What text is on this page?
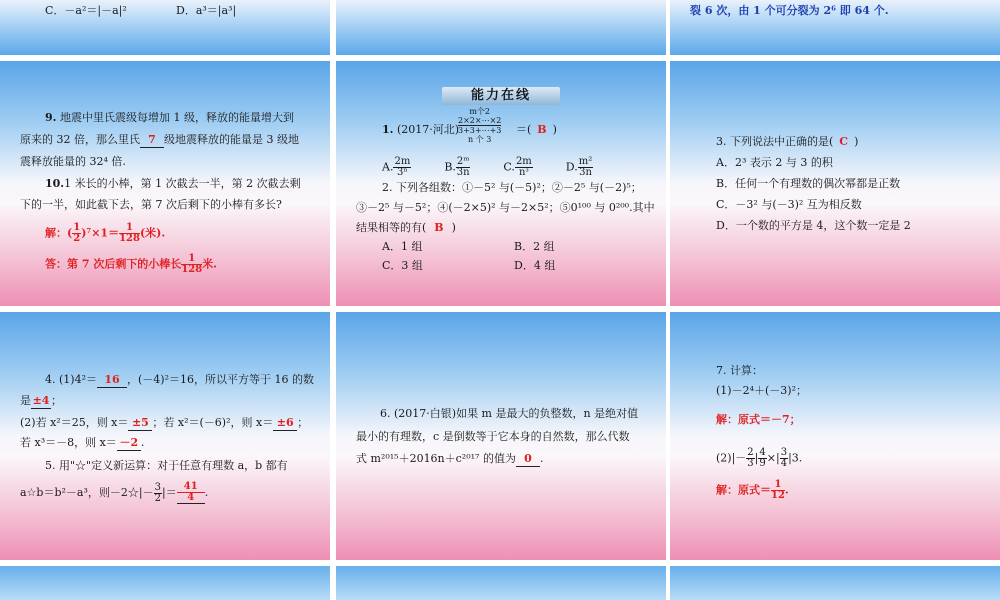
C．－a²＝|－a|²	D．a³＝|a³|	裂 6 次，由 1 个可分裂为 2⁶ 即 64 个.
9. 地震中里氏震级每增加 1 级，释放的能量增大到
原来的 32 倍，那么里氏 7 级地震释放的能量是 3 级地
震释放能量的 32⁴ 倍.
10.1 米长的小棒，第 1 次截去一半，第 2 次截去剩
下的一半，如此截下去，第 7 次后剩下的小棒有多长?
解：( $\frac{1}{2} )^7\times 1= \frac{1}{128}$ (米).
答：第 7 次后剩下的小棒长 $\frac{1}{128}$ 米.
能力在线
1. (2017·河北)
m个2
2×2×⋯×2
3+3+⋯+3
n 个 3
＝( B )
A. $\frac{2m}{\text{3ⁿ}}$	B. $\frac{\text{2ᵐ}}{3n}$	C. $\frac{2m}{\text{nᵌ}}$	D. $\frac{\text{m²}}{3n}$
2. 下列各组数：①－5² 与(－5)²；②－2⁵ 与(－2)⁵；
③－2⁵ 与－5²；④(－2×5)² 与－2×5²；⑤0¹⁰⁰ 与 0²⁰⁰.其中
结果相等的有( B )
A．1 组	B．2 组
C．3 组	D．4 组
3. 下列说法中正确的是( C )
A．2³ 表示 2 与 3 的积
B．任何一个有理数的偶次幂都是正数
C．－3² 与(－3)² 互为相反数
D．一个数的平方是 4，这个数一定是 2
4. (1)4²＝ 16 ，(－4)²＝16，所以平方等于 16 的数
是 ±4 ；
(2)若 x²＝25，则 x＝ ±5 ；若 x²＝(－6)²，则 x＝ ±6 ；
若 x³＝－8，则 x＝ －2 .
5. 用"☆"定义新运算：对于任意有理数 a，b 都有
a☆b＝b²－a³，则－2☆|－ $\frac{3}{2}$ |＝ $\frac{41}{4}$ .
6. (2017·白银)如果 m 是最大的负整数，n 是绝对值
最小的有理数，c 是倒数等于它本身的自然数，那么代数
式 m²⁰¹⁵＋2016n＋c²⁰¹⁷ 的值为 0 .
7. 计算：
(1)－2⁴＋(－3)²；
解：原式＝－7；
$(2)|- \frac{2}{3}$ | $\frac{4}{9}$ ×| $\frac{3}{4} |3$.
解：原式＝ $\frac{1}{12}$ .
